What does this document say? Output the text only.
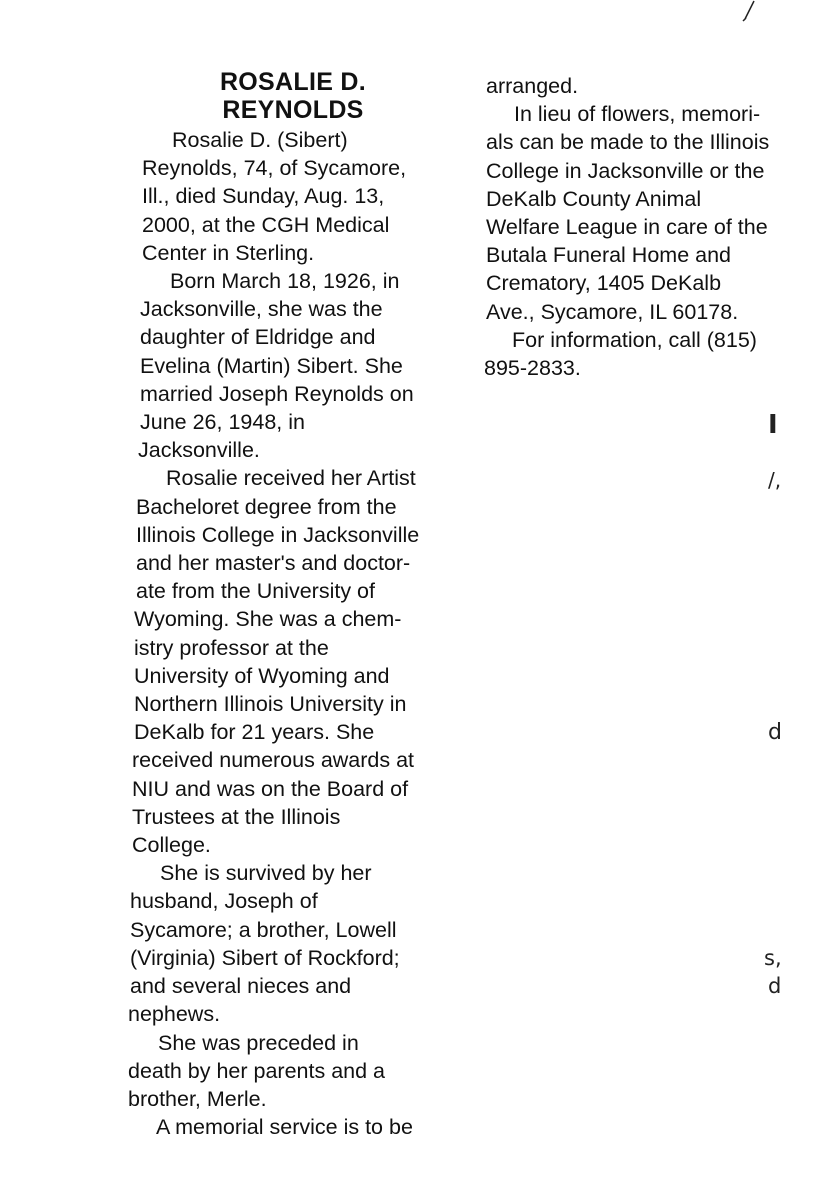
ROSALIE D.
REYNOLDS
Rosalie D. (Sibert)
Reynolds, 74, of Sycamore,
Ill., died Sunday, Aug. 13,
2000, at the CGH Medical
Center in Sterling.
Born March 18, 1926, in
Jacksonville, she was the
daughter of Eldridge and
Evelina (Martin) Sibert. She
married Joseph Reynolds on
June 26, 1948, in
Jacksonville.
Rosalie received her Artist
Bacheloret degree from the
Illinois College in Jacksonville
and her master's and doctor-
ate from the University of
Wyoming. She was a chem-
istry professor at the
University of Wyoming and
Northern Illinois University in
DeKalb for 21 years. She
received numerous awards at
NIU and was on the Board of
Trustees at the Illinois
College.
She is survived by her
husband, Joseph of
Sycamore; a brother, Lowell
(Virginia) Sibert of Rockford;
and several nieces and
nephews.
She was preceded in
death by her parents and a
brother, Merle.
A memorial service is to be
arranged.
In lieu of flowers, memori-
als can be made to the Illinois
College in Jacksonville or the
DeKalb County Animal
Welfare League in care of the
Butala Funeral Home and
Crematory, 1405 DeKalb
Ave., Sycamore, IL 60178.
For information, call (815)
895-2833.
I
/,
d
s,
d
